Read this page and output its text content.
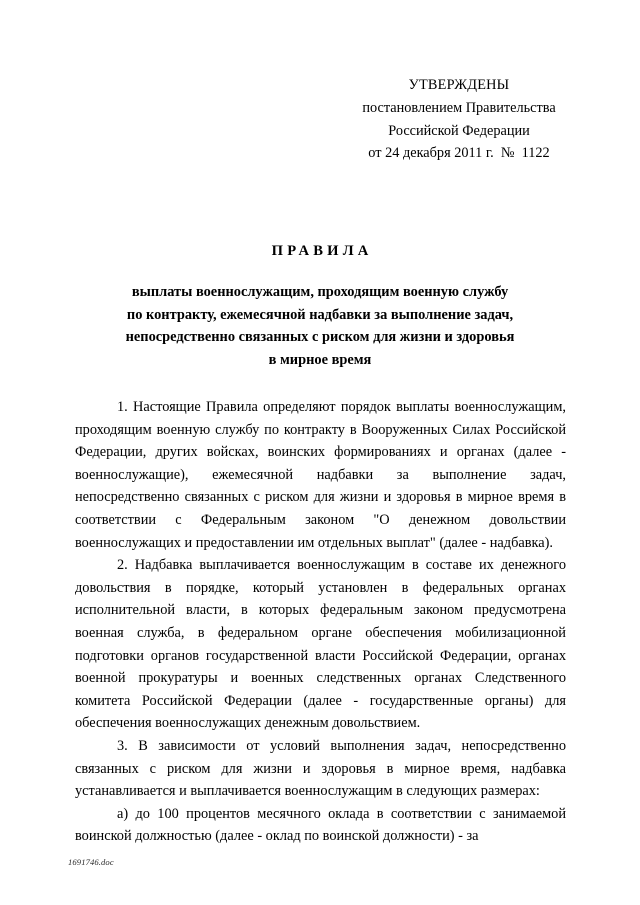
УТВЕРЖДЕНЫ
постановлением Правительства
Российской Федерации
от 24 декабря 2011 г.  №  1122
ПРАВИЛА
выплаты военнослужащим, проходящим военную службу
по контракту, ежемесячной надбавки за выполнение задач,
непосредственно связанных с риском для жизни и здоровья
в мирное время

1. Настоящие Правила определяют порядок выплаты военнослужащим, проходящим военную службу по контракту в Вооруженных Силах Российской Федерации, других войсках, воинских формированиях и органах (далее - военнослужащие), ежемесячной надбавки за выполнение задач, непосредственно связанных с риском для жизни и здоровья в мирное время в соответствии с Федеральным законом "О денежном довольствии военнослужащих и предоставлении им отдельных выплат" (далее - надбавка).

2. Надбавка выплачивается военнослужащим в составе их денежного довольствия в порядке, который установлен в федеральных органах исполнительной власти, в которых федеральным законом предусмотрена военная служба, в федеральном органе обеспечения мобилизационной подготовки органов государственной власти Российской Федерации, органах военной прокуратуры и военных следственных органах Следственного комитета Российской Федерации (далее - государственные органы) для обеспечения военнослужащих денежным довольствием.

3. В зависимости от условий выполнения задач, непосредственно связанных с риском для жизни и здоровья в мирное время, надбавка устанавливается и выплачивается военнослужащим в следующих размерах:

а) до 100 процентов месячного оклада в соответствии с занимаемой воинской должностью (далее - оклад по воинской должности) - за

1691746.doc
